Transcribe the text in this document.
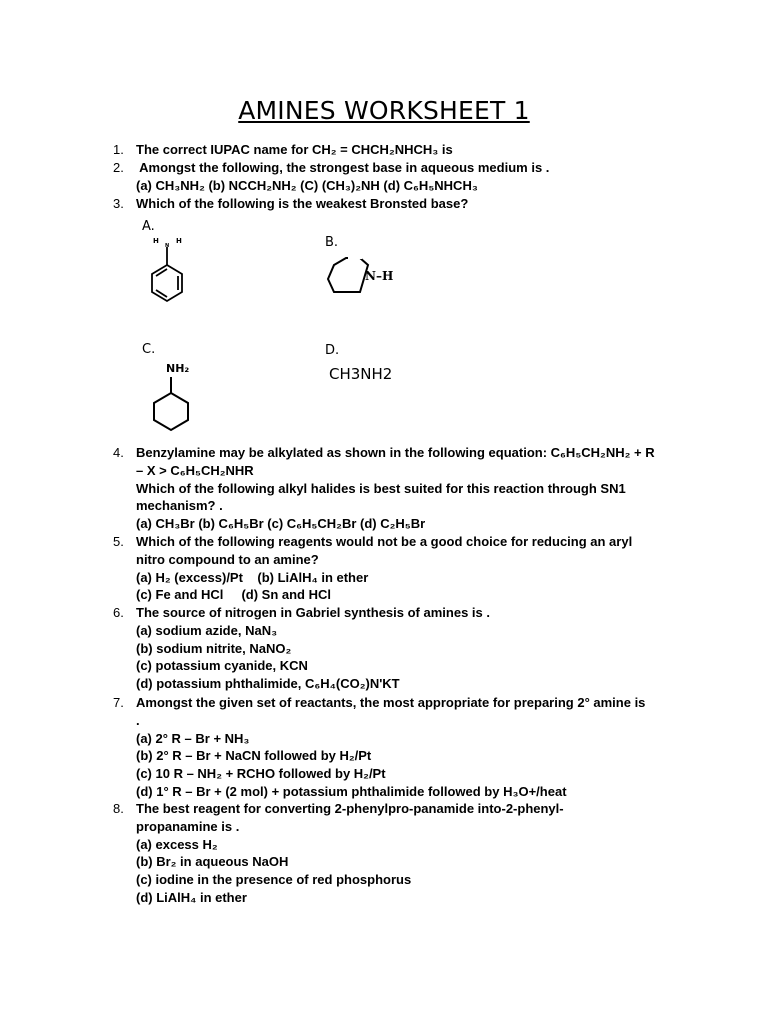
AMINES WORKSHEET 1
1. The correct IUPAC name for CH₂ = CHCH₂NHCH₃ is
2. Amongst the following, the strongest base in aqueous medium is .
(a) CH₃NH₂ (b) NCCH₂NH₂ (C) (CH₃)₂NH (d) C₆H₅NHCH₃
3. Which of the following is the weakest Bronsted base?
A.
H
N
H	B.
N–H
C.
NH₂
D.
CH3NH2
4. Benzylamine may be alkylated as shown in the following equation: C₆H₅CH₂NH₂ + R
– X > C₆H₅CH₂NHR
Which of the following alkyl halides is best suited for this reaction through SN1
mechanism? .
(a) CH₃Br (b) C₆H₅Br (c) C₆H₅CH₂Br (d) C₂H₅Br
5. Which of the following reagents would not be a good choice for reducing an aryl
nitro compound to an amine?
(a) H₂ (excess)/Pt    (b) LiAlH₄ in ether
(c) Fe and HCl     (d) Sn and HCl
6. The source of nitrogen in Gabriel synthesis of amines is .
(a) sodium azide, NaN₃
(b) sodium nitrite, NaNO₂
(c) potassium cyanide, KCN
(d) potassium phthalimide, C₆H₄(CO₂)N'KT
7. Amongst the given set of reactants, the most appropriate for preparing 2° amine is
.
(a) 2° R – Br + NH₃
(b) 2° R – Br + NaCN followed by H₂/Pt
(c) 10 R – NH₂ + RCHO followed by H₂/Pt
(d) 1° R – Br + (2 mol) + potassium phthalimide followed by H₃O+/heat
8. The best reagent for converting 2-phenylpro-panamide into-2-phenyl-
propanamine is .
(a) excess H₂
(b) Br₂ in aqueous NaOH
(c) iodine in the presence of red phosphorus
(d) LiAlH₄ in ether
